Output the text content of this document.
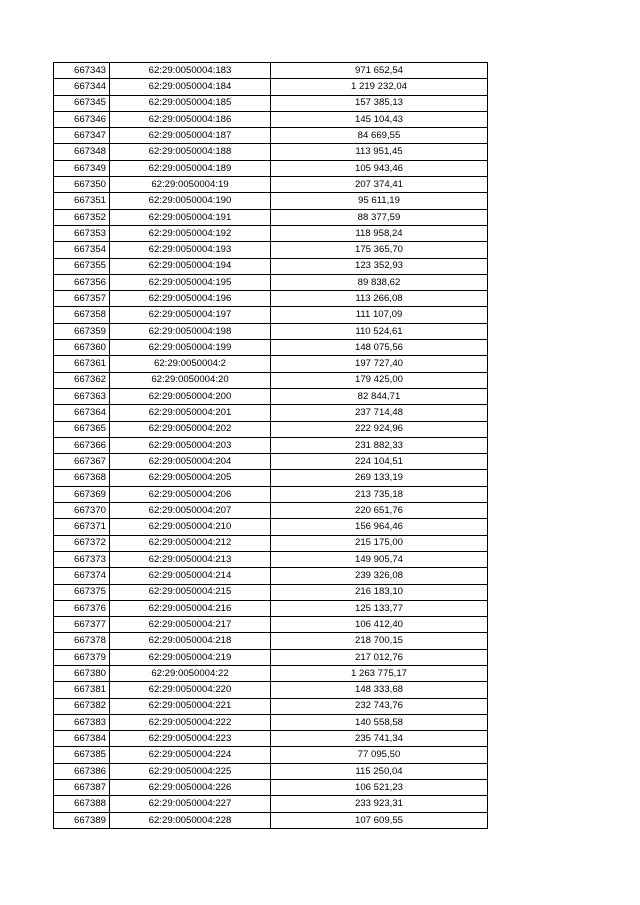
667343	62:29:0050004:183	971 652,54
667344	62:29:0050004:184	1 219 232,04
667345	62:29:0050004:185	157 385,13
667346	62:29:0050004:186	145 104,43
667347	62:29:0050004:187	84 669,55
667348	62:29:0050004:188	113 951,45
667349	62:29:0050004:189	105 943,46
667350	62:29:0050004:19	207 374,41
667351	62:29:0050004:190	95 611,19
667352	62:29:0050004:191	88 377,59
667353	62:29:0050004:192	118 958,24
667354	62:29:0050004:193	175 365,70
667355	62:29:0050004:194	123 352,93
667356	62:29:0050004:195	89 838,62
667357	62:29:0050004:196	113 266,08
667358	62:29:0050004:197	111 107,09
667359	62:29:0050004:198	110 524,61
667360	62:29:0050004:199	148 075,56
667361	62:29:0050004:2	197 727,40
667362	62:29:0050004:20	179 425,00
667363	62:29:0050004:200	82 844,71
667364	62:29:0050004:201	237 714,48
667365	62:29:0050004:202	222 924,96
667366	62:29:0050004:203	231 882,33
667367	62:29:0050004:204	224 104,51
667368	62:29:0050004:205	269 133,19
667369	62:29:0050004:206	213 735,18
667370	62:29:0050004:207	220 651,76
667371	62:29:0050004:210	156 964,46
667372	62:29:0050004:212	215 175,00
667373	62:29:0050004:213	149 905,74
667374	62:29:0050004:214	239 326,08
667375	62:29:0050004:215	216 183,10
667376	62:29:0050004:216	125 133,77
667377	62:29:0050004:217	106 412,40
667378	62:29:0050004:218	218 700,15
667379	62:29:0050004:219	217 012,76
667380	62:29:0050004:22	1 263 775,17
667381	62:29:0050004:220	148 333,68
667382	62:29:0050004:221	232 743,76
667383	62:29:0050004:222	140 558,58
667384	62:29:0050004:223	235 741,34
667385	62:29:0050004:224	77 095,50
667386	62:29:0050004:225	115 250,04
667387	62:29:0050004:226	106 521,23
667388	62:29:0050004:227	233 923,31
667389	62:29:0050004:228	107 609,55
